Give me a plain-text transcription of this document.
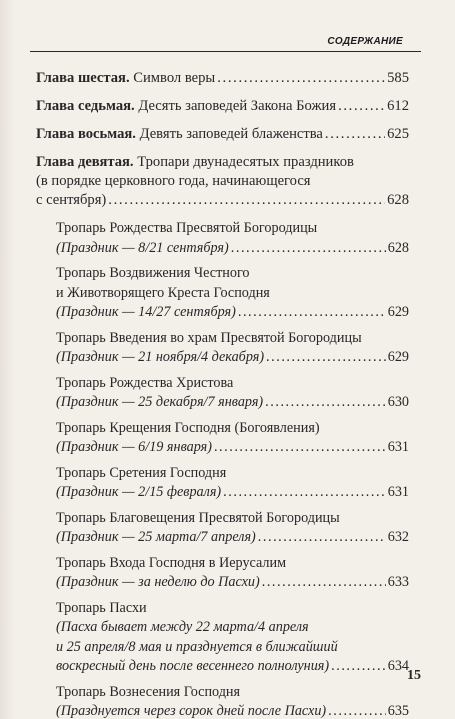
СОДЕРЖАНИЕ
Глава шестая. Символ веры . . .	585
Глава седьмая. Десять заповедей Закона Божия . . .	612
Глава восьмая. Девять заповедей блаженства . . .	625
Глава девятая. Тропари двунадесятых праздников
(в порядке церковного года, начинающегося
с сентября) . . .	628
Тропарь Рождества Пресвятой Богородицы
(Праздник — 8/21 сентября) . . .	628
Тропарь Воздвижения Честного
и Животворящего Креста Господня
(Праздник — 14/27 сентября) . . .	629
Тропарь Введения во храм Пресвятой Богородицы
(Праздник — 21 ноября/4 декабря) . . .	629
Тропарь Рождества Христова
(Праздник — 25 декабря/7 января) . . .	630
Тропарь Крещения Господня (Богоявления)
(Праздник — 6/19 января) . . .	631
Тропарь Сретения Господня
(Праздник — 2/15 февраля) . . .	631
Тропарь Благовещения Пресвятой Богородицы
(Праздник — 25 марта/7 апреля) . . .	632
Тропарь Входа Господня в Иерусалим
(Праздник — за неделю до Пасхи) . . .	633
Тропарь Пасхи
(Пасха бывает между 22 марта/4 апреля
и 25 апреля/8 мая и празднуется в ближайший
воскресный день после весеннего полнолуния) . . .	634
Тропарь Вознесения Господня
(Празднуется через сорок дней после Пасхи) . . .	635
15
